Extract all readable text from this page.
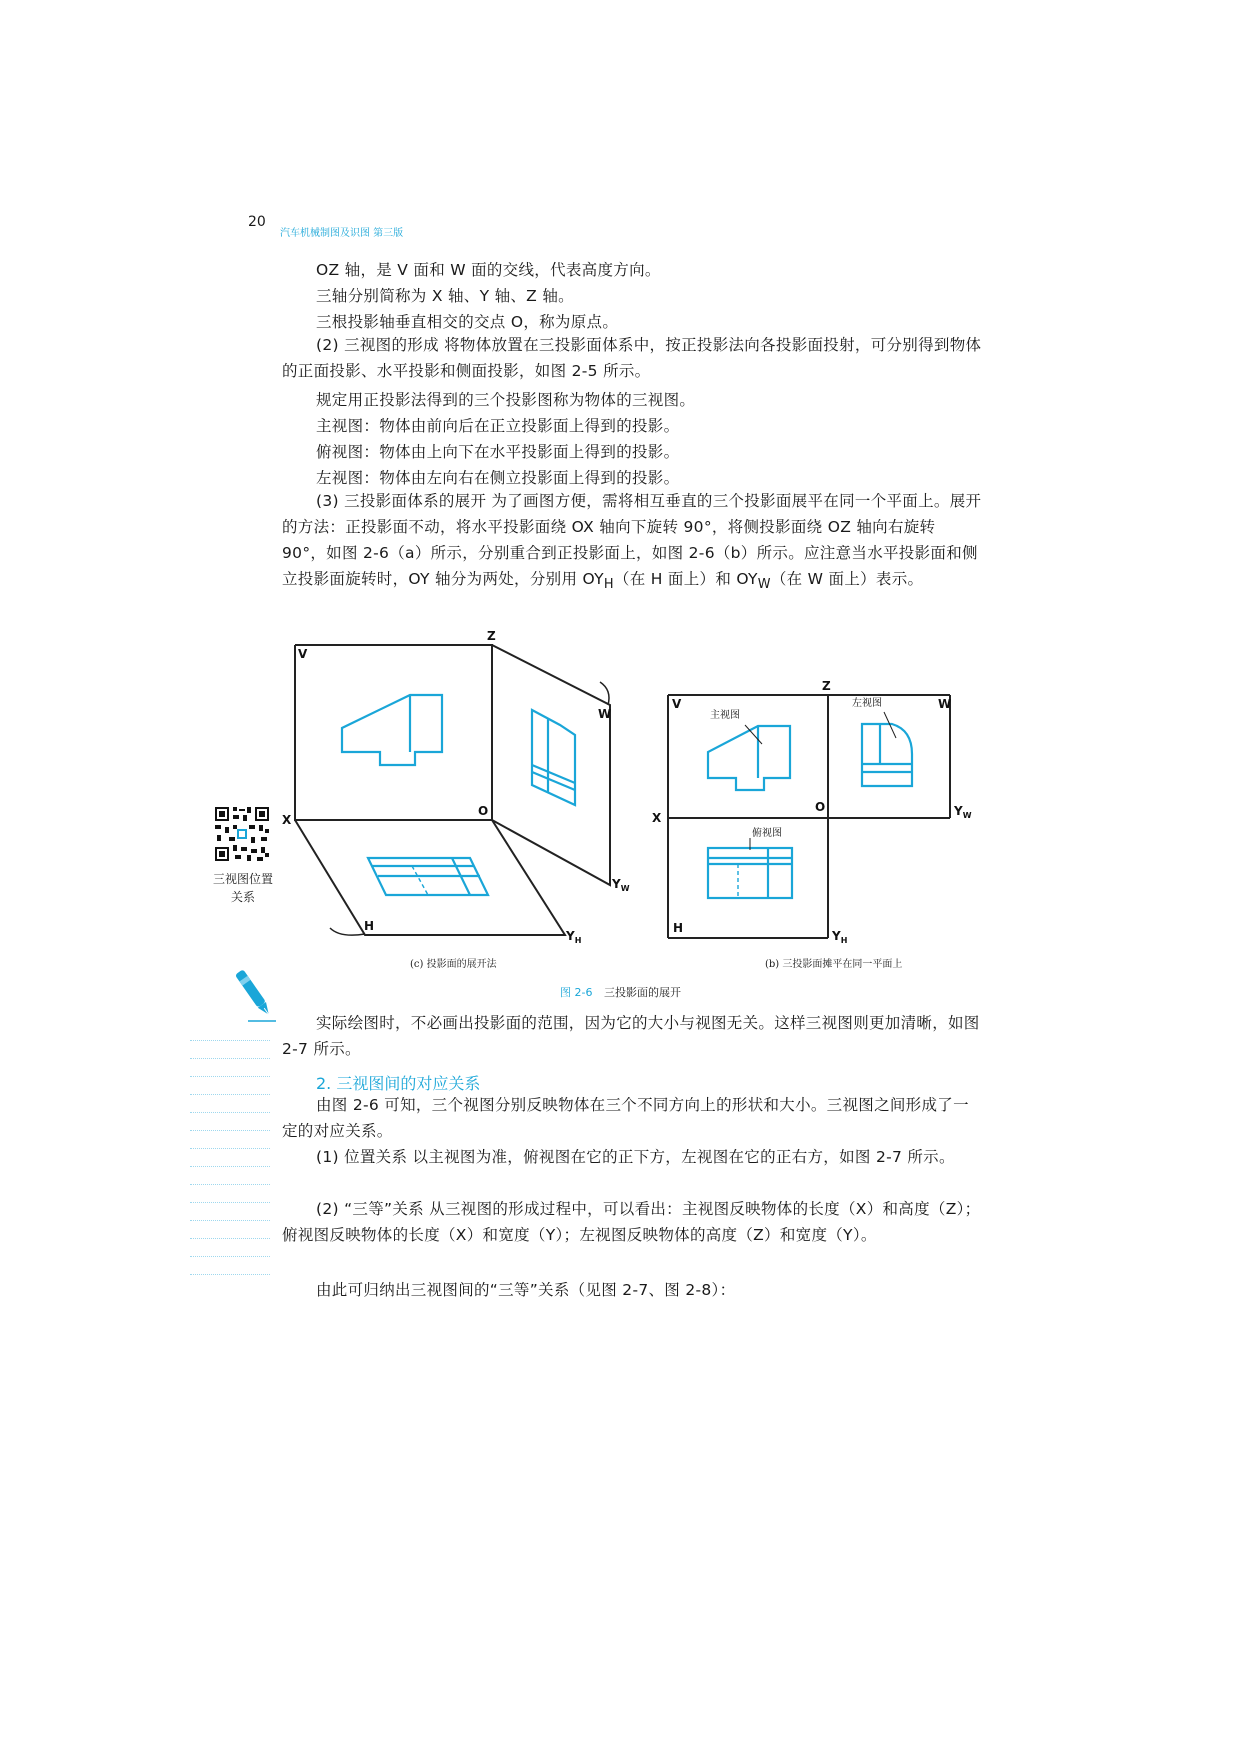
20
汽车机械制图及识图 第三版
OZ 轴，是 V 面和 W 面的交线，代表高度方向。
三轴分别简称为 X 轴、Y 轴、Z 轴。
三根投影轴垂直相交的交点 O，称为原点。
(2) 三视图的形成 将物体放置在三投影面体系中，按正投影法向各投影面投射，可分别得到物体的正面投影、水平投影和侧面投影，如图 2-5 所示。
规定用正投影法得到的三个投影图称为物体的三视图。
主视图：物体由前向后在正立投影面上得到的投影。
俯视图：物体由上向下在水平投影面上得到的投影。
左视图：物体由左向右在侧立投影面上得到的投影。
(3) 三投影面体系的展开 为了画图方便，需将相互垂直的三个投影面展平在同一个平面上。展开的方法：正投影面不动，将水平投影面绕 OX 轴向下旋转 90°，将侧投影面绕 OZ 轴向右旋转 90°，如图 2-6（a）所示，分别重合到正投影面上，如图 2-6（b）所示。应注意当水平投影面和侧立投影面旋转时，OY 轴分为两处，分别用 $OY_H$（在 H 面上）和 $OY_W$（在 W 面上）表示。
V
Z
W
O
X
H
$Y_H$
$Y_W$
Z
V	W
O
X	$Y_W$
H
$Y_H$
主视图
左视图
俯视图
(c) 投影面的展开法	(b) 三投影面摊平在同一平面上
图 2-6 三投影面的展开
三视图位置关系
实际绘图时，不必画出投影面的范围，因为它的大小与视图无关。这样三视图则更加清晰，如图 2-7 所示。
2. 三视图间的对应关系
由图 2-6 可知，三个视图分别反映物体在三个不同方向上的形状和大小。三视图之间形成了一定的对应关系。
(1) 位置关系 以主视图为准，俯视图在它的正下方，左视图在它的正右方，如图 2-7 所示。
(2) “三等”关系 从三视图的形成过程中，可以看出：主视图反映物体的长度（X）和高度（Z）；俯视图反映物体的长度（X）和宽度（Y）；左视图反映物体的高度（Z）和宽度（Y）。
由此可归纳出三视图间的“三等”关系（见图 2-7、图 2-8）：
